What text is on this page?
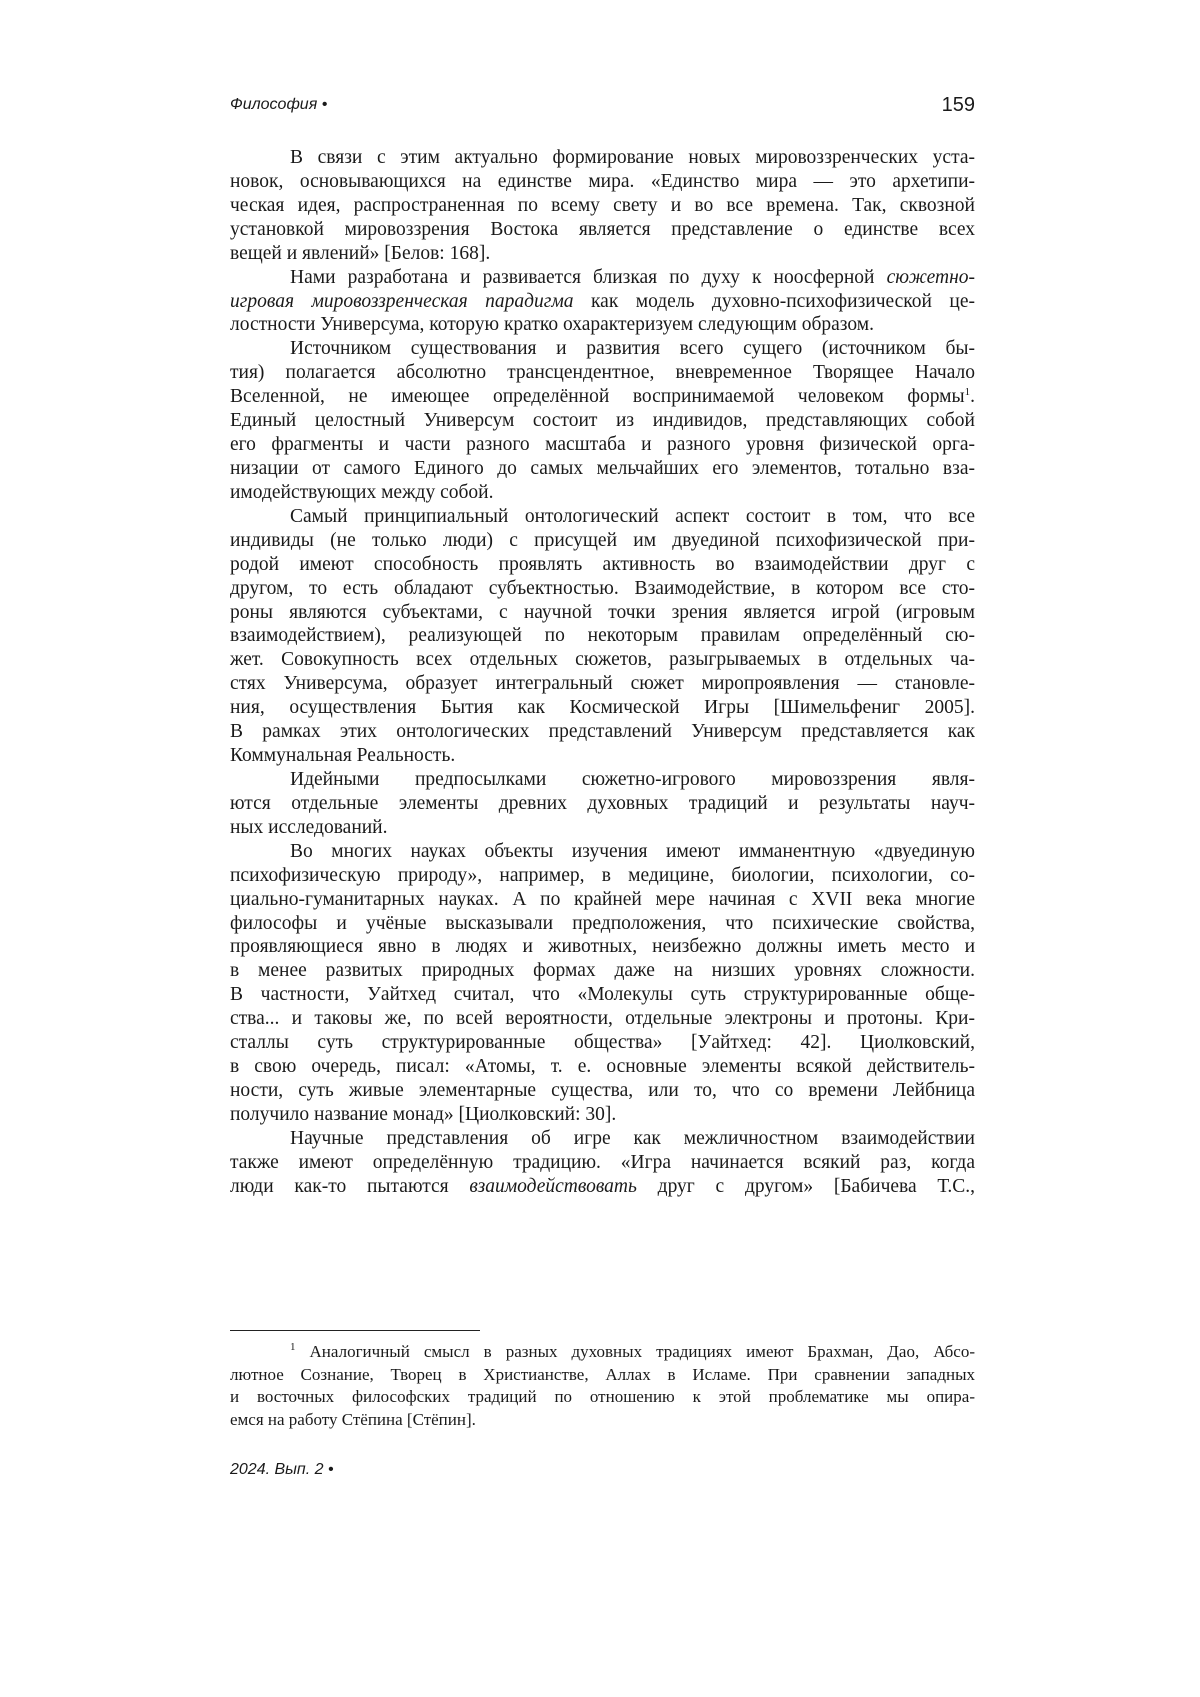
Философия •	159
В связи с этим актуально формирование новых мировоззренческих уста-
новок, основывающихся на единстве мира. «Единство мира — это архетипи-
ческая идея, распространенная по всему свету и во все времена. Так, сквозной
установкой мировоззрения Востока является представление о единстве всех
вещей и явлений» [Белов: 168].
Нами разработана и развивается близкая по духу к ноосферной сюжетно-
игровая мировоззренческая парадигма как модель духовно-психофизической це-
лостности Универсума, которую кратко охарактеризуем следующим образом.
Источником существования и развития всего сущего (источником бы-
тия) полагается абсолютно трансцендентное, вневременное Творящее Начало
Вселенной, не имеющее определённой воспринимаемой человеком формы1.
Единый целостный Универсум состоит из индивидов, представляющих собой
его фрагменты и части разного масштаба и разного уровня физической орга-
низации от самого Единого до самых мельчайших его элементов, тотально вза-
имодействующих между собой.
Самый принципиальный онтологический аспект состоит в том, что все
индивиды (не только люди) с присущей им двуединой психофизической при-
родой имеют способность проявлять активность во взаимодействии друг с
другом, то есть обладают субъектностью. Взаимодействие, в котором все сто-
роны являются субъектами, с научной точки зрения является игрой (игровым
взаимодействием), реализующей по некоторым правилам определённый сю-
жет. Совокупность всех отдельных сюжетов, разыгрываемых в отдельных ча-
стях Универсума, образует интегральный сюжет миропроявления — становле-
ния, осуществления Бытия как Космической Игры [Шимельфениг 2005].
В рамках этих онтологических представлений Универсум представляется как
Коммунальная Реальность.
Идейными предпосылками сюжетно-игрового мировоззрения явля-
ются отдельные элементы древних духовных традиций и результаты науч-
ных исследований.
Во многих науках объекты изучения имеют имманентную «двуединую
психофизическую природу», например, в медицине, биологии, психологии, со-
циально-гуманитарных науках. А по крайней мере начиная с XVII века многие
философы и учёные высказывали предположения, что психические свойства,
проявляющиеся явно в людях и животных, неизбежно должны иметь место и
в менее развитых природных формах даже на низших уровнях сложности.
В частности, Уайтхед считал, что «Молекулы суть структурированные обще-
ства... и таковы же, по всей вероятности, отдельные электроны и протоны. Кри-
сталлы суть структурированные общества» [Уайтхед: 42]. Циолковский,
в свою очередь, писал: «Атомы, т. е. основные элементы всякой действитель-
ности, суть живые элементарные существа, или то, что со времени Лейбница
получило название монад» [Циолковский: 30].
Научные представления об игре как межличностном взаимодействии
также имеют определённую традицию. «Игра начинается всякий раз, когда
люди как-то пытаются взаимодействовать друг с другом» [Бабичева Т.С.,
1 Аналогичный смысл в разных духовных традициях имеют Брахман, Дао, Абсо-
лютное Сознание, Творец в Христианстве, Аллах в Исламе. При сравнении западных
и восточных философских традиций по отношению к этой проблематике мы опира-
емся на работу Стёпина [Стёпин].
2024. Вып. 2 •
